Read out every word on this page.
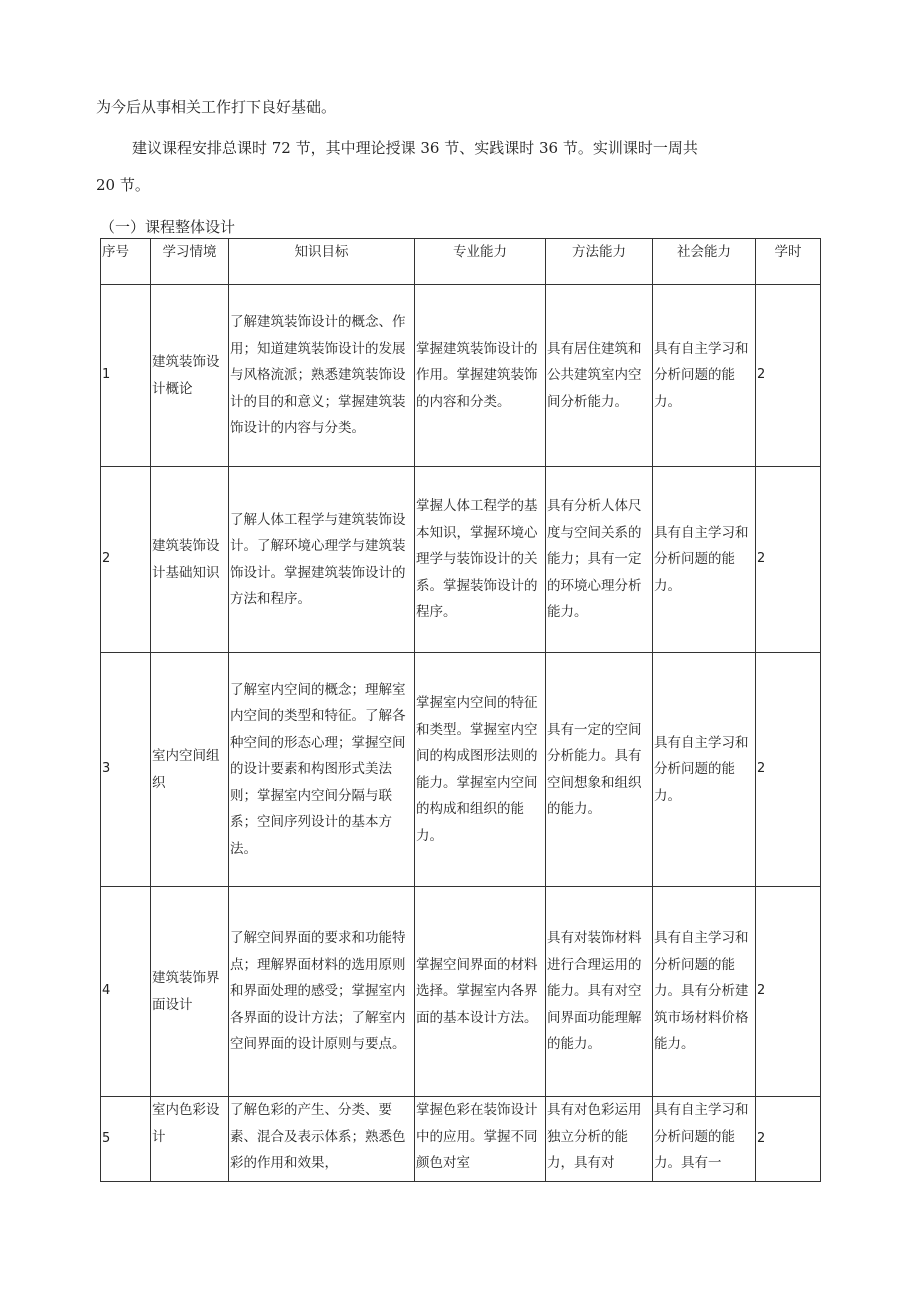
为今后从事相关工作打下良好基础。
建议课程安排总课时 72 节，其中理论授课 36 节、实践课时 36 节。实训课时一周共
20 节。
（一）课程整体设计
序号	学习情境	知识目标	专业能力	方法能力	社会能力	学时
1	建筑装饰设计概论	了解建筑装饰设计的概念、作用；知道建筑装饰设计的发展与风格流派；熟悉建筑装饰设计的目的和意义；掌握建筑装饰设计的内容与分类。	掌握建筑装饰设计的作用。掌握建筑装饰的内容和分类。	具有居住建筑和公共建筑室内空间分析能力。	具有自主学习和分析问题的能力。	2
2	建筑装饰设计基础知识	了解人体工程学与建筑装饰设计。了解环境心理学与建筑装饰设计。掌握建筑装饰设计的方法和程序。	掌握人体工程学的基本知识，掌握环境心理学与装饰设计的关系。掌握装饰设计的程序。	具有分析人体尺度与空间关系的能力；具有一定的环境心理分析能力。	具有自主学习和分析问题的能力。	2
3	室内空间组织	了解室内空间的概念；理解室内空间的类型和特征。了解各种空间的形态心理；掌握空间的设计要素和构图形式美法则；掌握室内空间分隔与联系；空间序列设计的基本方法。	掌握室内空间的特征和类型。掌握室内空间的构成图形法则的能力。掌握室内空间的构成和组织的能力。	具有一定的空间分析能力。具有空间想象和组织的能力。	具有自主学习和分析问题的能力。	2
4	建筑装饰界面设计	了解空间界面的要求和功能特点；理解界面材料的选用原则和界面处理的感受；掌握室内各界面的设计方法；了解室内空间界面的设计原则与要点。	掌握空间界面的材料选择。掌握室内各界面的基本设计方法。	具有对装饰材料进行合理运用的能力。具有对空间界面功能理解的能力。	具有自主学习和分析问题的能力。具有分析建筑市场材料价格能力。	2
5	室内色彩设计	了解色彩的产生、分类、要素、混合及表示体系；熟悉色彩的作用和效果，	掌握色彩在装饰设计中的应用。掌握不同颜色对室	具有对色彩运用独立分析的能力，具有对	具有自主学习和分析问题的能力。具有一	2
